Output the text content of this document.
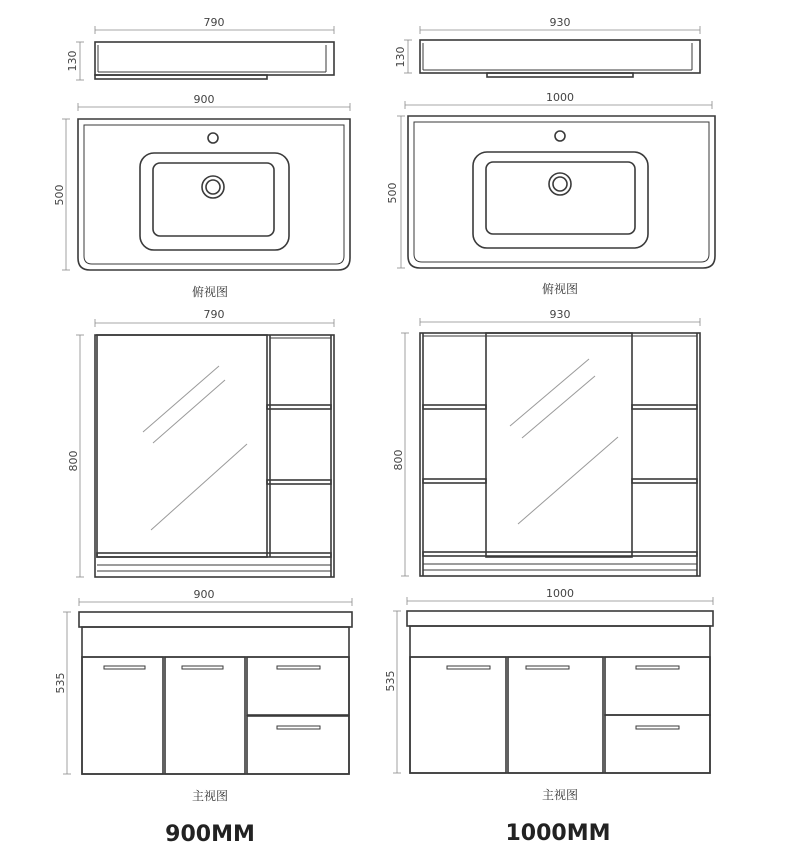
790
130
900
500
俯视图
790
800
900
535
主视图
900MM
930
130
1000
500
俯视图
930
800
1000
535
主视图
1000MM
